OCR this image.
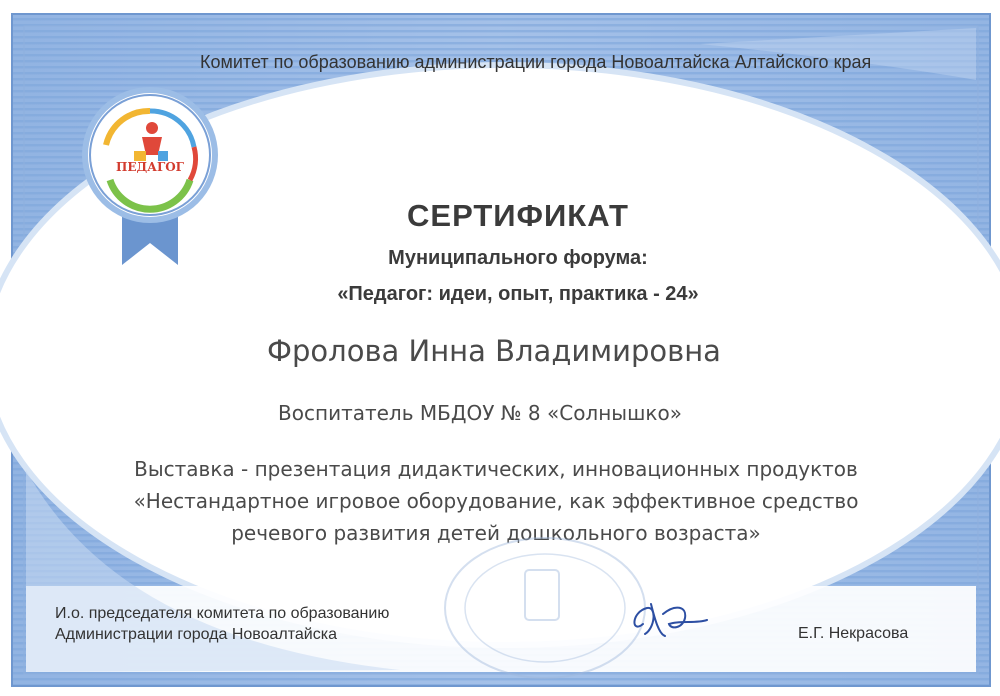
ПЕДАГОГ
Комитет по образованию администрации города Новоалтайска Алтайского края
СЕРТИФИКАТ
Муниципального форума:
«Педагог: идеи, опыт, практика - 24»
Фролова Инна Владимировна
Воспитатель МБДОУ № 8 «Солнышко»
Выставка - презентация дидактических, инновационных продуктов
«Нестандартное игровое оборудование, как эффективное средство
речевого развития детей дошкольного возраста»
И.о. председателя комитета по образованию
Администрации города Новоалтайска	Е.Г. Некрасова
